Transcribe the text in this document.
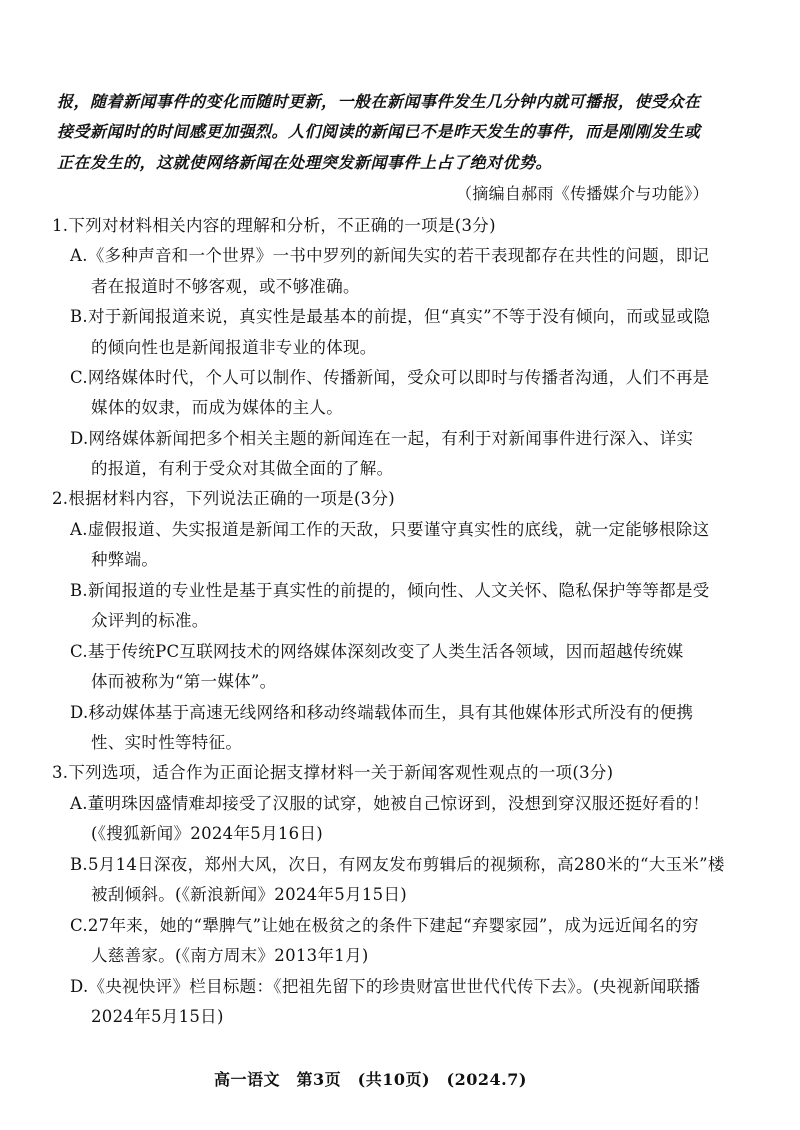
报，随着新闻事件的变化而随时更新，一般在新闻事件发生几分钟内就可播报，使受众在
接受新闻时的时间感更加强烈。人们阅读的新闻已不是昨天发生的事件，而是刚刚发生或
正在发生的，这就使网络新闻在处理突发新闻事件上占了绝对优势。
（摘编自郝雨《传播媒介与功能》）
1.下列对材料相关内容的理解和分析，不正确的一项是(3分)
A.《多种声音和一个世界》一书中罗列的新闻失实的若干表现都存在共性的问题，即记
者在报道时不够客观，或不够准确。
B.对于新闻报道来说，真实性是最基本的前提，但“真实”不等于没有倾向，而或显或隐
的倾向性也是新闻报道非专业的体现。
C.网络媒体时代，个人可以制作、传播新闻，受众可以即时与传播者沟通，人们不再是
媒体的奴隶，而成为媒体的主人。
D.网络媒体新闻把多个相关主题的新闻连在一起，有利于对新闻事件进行深入、详实
的报道，有利于受众对其做全面的了解。
2.根据材料内容，下列说法正确的一项是(3分)
A.虚假报道、失实报道是新闻工作的天敌，只要谨守真实性的底线，就一定能够根除这
种弊端。
B.新闻报道的专业性是基于真实性的前提的，倾向性、人文关怀、隐私保护等等都是受
众评判的标准。
C.基于传统PC互联网技术的网络媒体深刻改变了人类生活各领域，因而超越传统媒
体而被称为“第一媒体”。
D.移动媒体基于高速无线网络和移动终端载体而生，具有其他媒体形式所没有的便携
性、实时性等特征。
3.下列选项，适合作为正面论据支撑材料一关于新闻客观性观点的一项(3分)
A.董明珠因盛情难却接受了汉服的试穿，她被自己惊讶到，没想到穿汉服还挺好看的！
(《搜狐新闻》2024年5月16日)
B.5月14日深夜，郑州大风，次日，有网友发布剪辑后的视频称，高280米的“大玉米”楼
被刮倾斜。(《新浪新闻》2024年5月15日)
C.27年来，她的“犟脾气”让她在极贫之的条件下建起“弃婴家园”，成为远近闻名的穷
人慈善家。(《南方周末》2013年1月)
D.《央视快评》栏目标题：《把祖先留下的珍贵财富世世代代传下去》。(央视新闻联播
2024年5月15日)
高一语文　第3页　(共10页)　(2024.7)
